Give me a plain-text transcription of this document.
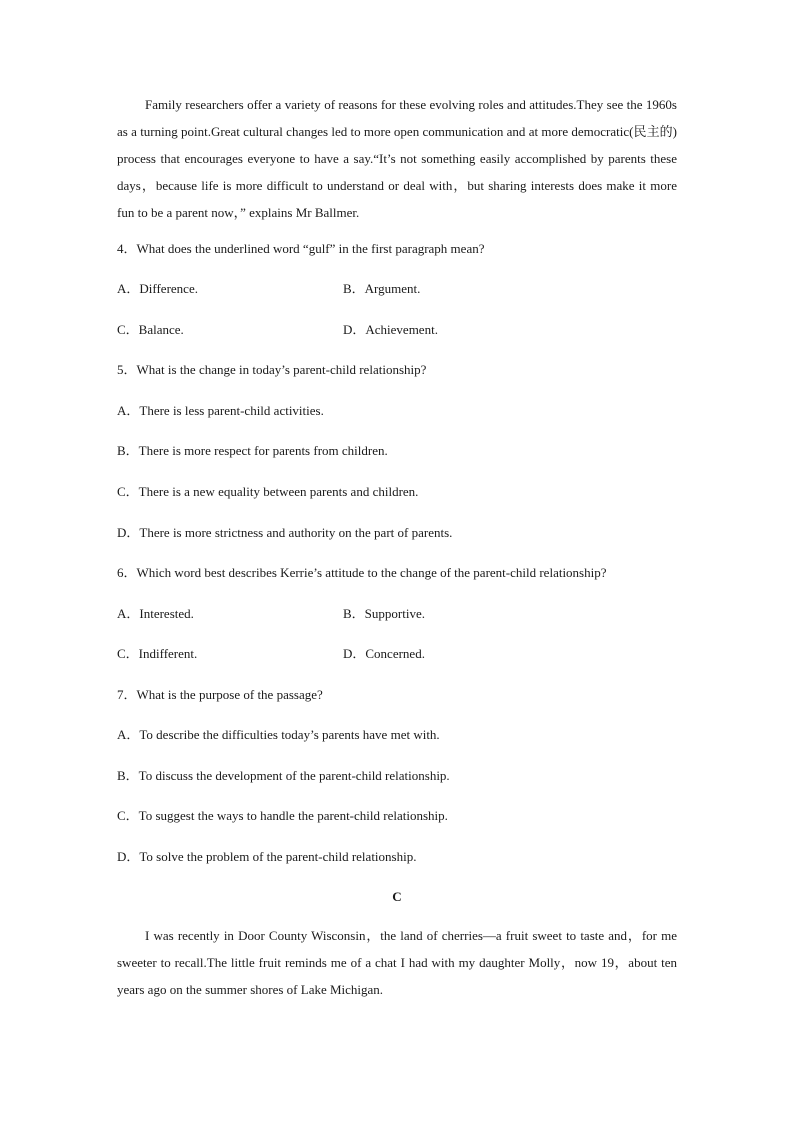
Family researchers offer a variety of reasons for these evolving roles and attitudes.They see the 1960s as a turning point.Great cultural changes led to more open communication and at more democratic(民主的) process that encourages everyone to have a say.“It’s not something easily accomplished by parents these days，because life is more difficult to understand or deal with，but sharing interests does make it more fun to be a parent now，” explains Mr Ballmer.

4．What does the underlined word “gulf” in the first paragraph mean?
A．Difference.	B．Argument.
C．Balance.	D．Achievement.
5．What is the change in today’s parent-child relationship?
A．There is less parent-child activities.
B．There is more respect for parents from children.
C．There is a new equality between parents and children.
D．There is more strictness and authority on the part of parents.
6．Which word best describes Kerrie’s attitude to the change of the parent-child relationship?
A．Interested.	B．Supportive.
C．Indifferent.	D．Concerned.
7．What is the purpose of the passage?
A．To describe the difficulties today’s parents have met with.
B．To discuss the development of the parent-child relationship.
C．To suggest the ways to handle the parent-child relationship.
D．To solve the problem of the parent-child relationship.
C

I was recently in Door County Wisconsin，the land of cherries—a fruit sweet to taste and，for me sweeter to recall.The little fruit reminds me of a chat I had with my daughter Molly，now 19，about ten years ago on the summer shores of Lake Michigan.
